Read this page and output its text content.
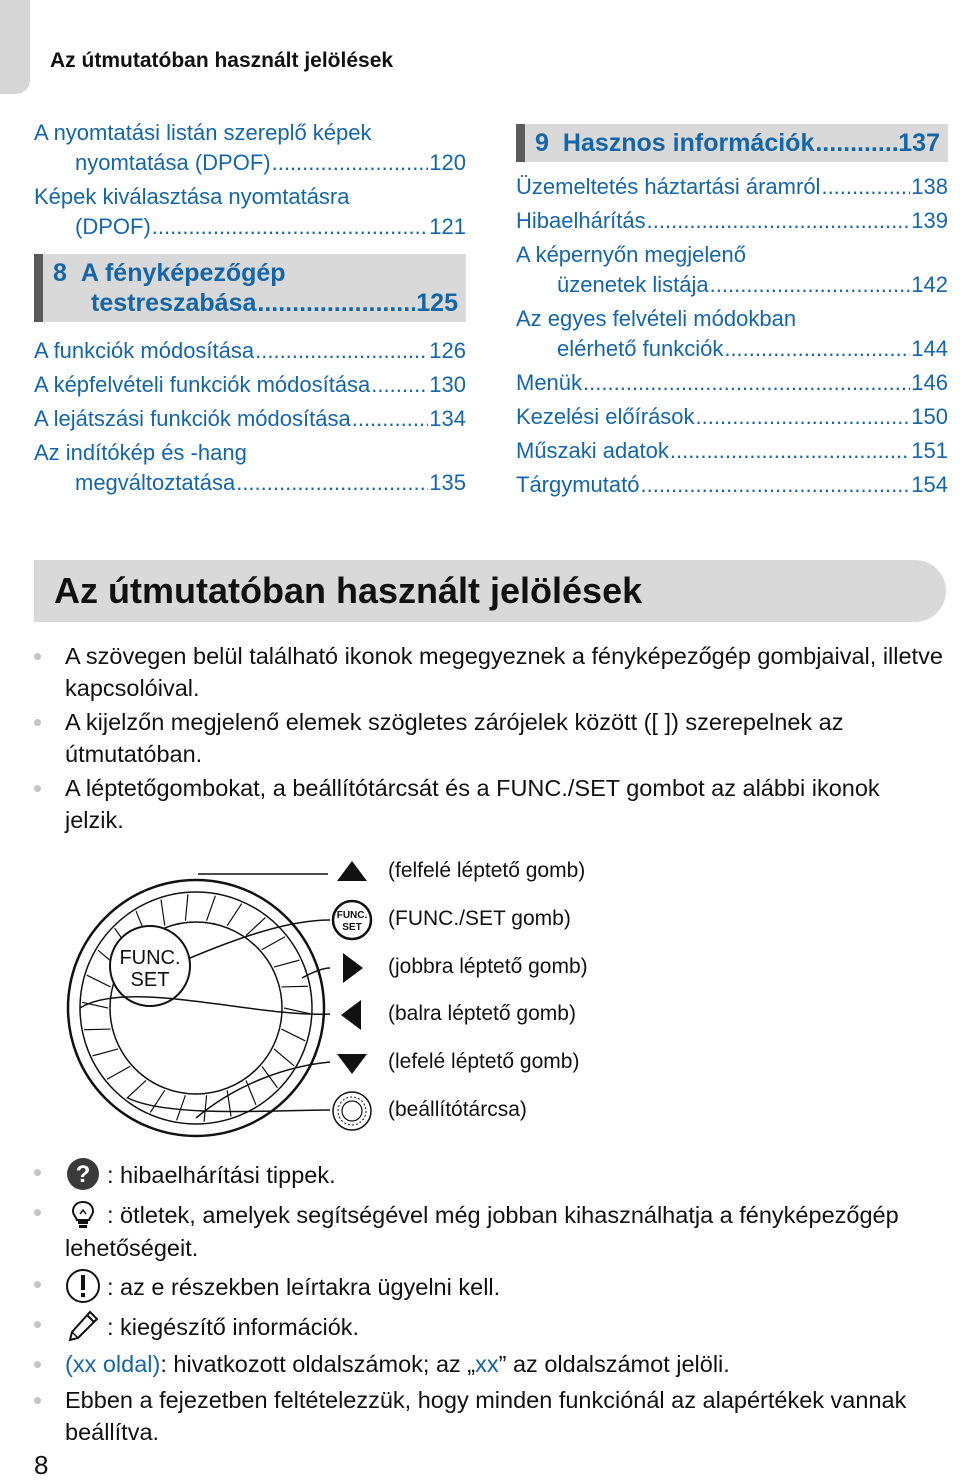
Az útmutatóban használt jelölések
A nyomtatási listán szereplő képek
nyomtatása (DPOF) .....	120
Képek kiválasztása nyomtatásra
(DPOF) .....	121
8 A fényképezőgép
testreszabása .....	125
A funkciók módosítása .....	126
A képfelvételi funkciók módosítása .....	130
A lejátszási funkciók módosítása .....	134
Az indítókép és -hang
megváltoztatása .....	135
9 Hasznos információk .....	137
Üzemeltetés háztartási áramról .....	138
Hibaelhárítás .....	139
A képernyőn megjelenő
üzenetek listája .....	142
Az egyes felvételi módokban
elérhető funkciók .....	144
Menük .....	146
Kezelési előírások .....	150
Műszaki adatok .....	151
Tárgymutató .....	154
Az útmutatóban használt jelölések
A szövegen belül található ikonok megegyeznek a fényképezőgép gombjaival, illetve kapcsolóival.
A kijelzőn megjelenő elemek szögletes zárójelek között ([ ]) szerepelnek az útmutatóban.
A léptetőgombokat, a beállítótárcsát és a FUNC./SET gombot az alábbi ikonok jelzik.
FUNC.
SET
(felfelé léptető gomb)
FUNC.
SET (FUNC./SET gomb)
(jobbra léptető gomb)
(balra léptető gomb)
(lefelé léptető gomb)
(beállítótárcsa)
? : hibaelhárítási tippek.
: ötletek, amelyek segítségével még jobban kihasználhatja a fényképezőgép lehetőségeit.
: az e részekben leírtakra ügyelni kell.
: kiegészítő információk.
(xx oldal): hivatkozott oldalszámok; az „xx” az oldalszámot jelöli.
Ebben a fejezetben feltételezzük, hogy minden funkciónál az alapértékek vannak beállítva.
8
